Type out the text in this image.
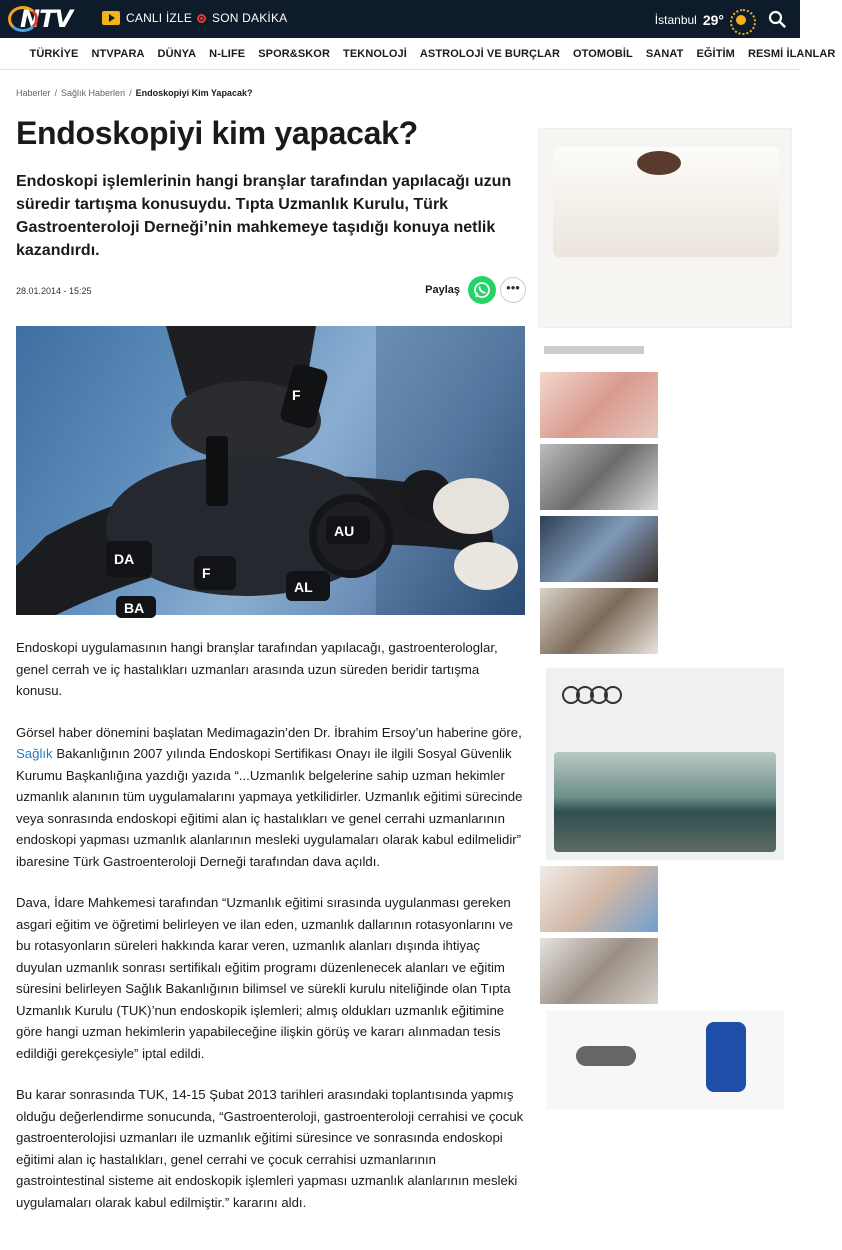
NTV	CANLI İZLE SON DAKİKA	İstanbul 29°
TÜRKİYE	NTVPARA	DÜNYA	N-LIFE	SPOR&SKOR	TEKNOLOJİ	ASTROLOJİ VE BURÇLAR	OTOMOBİL	SANAT	EĞİTİM	RESMİ İLANLAR
Haberler / Sağlık Haberleri / Endoskopiyi Kim Yapacak?
Endoskopiyi kim yapacak?
Endoskopi işlemlerinin hangi branşlar tarafından yapılacağı uzun süredir tartışma konusuydu. Tıpta Uzmanlık Kurulu, Türk Gastroenteroloji Derneği’nin mahkemeye taşıdığı konuya netlik kazandırdı.
28.01.2014 - 15:25	Paylaş	•••
F
DA
AU
F
AL
BA

Endoskopi uygulamasının hangi branşlar tarafından yapılacağı, gastroenterologlar, genel cerrah ve iç hastalıkları uzmanları arasında uzun süreden beridir tartışma konusu.

Görsel haber dönemini başlatan Medimagazin’den Dr. İbrahim Ersoy’un haberine göre, Sağlık Bakanlığının 2007 yılında Endoskopi Sertifikası Onayı ile ilgili Sosyal Güvenlik Kurumu Başkanlığına yazdığı yazıda “...Uzmanlık belgelerine sahip uzman hekimler uzmanlık alanının tüm uygulamalarını yapmaya yetkilidirler. Uzmanlık eğitimi sürecinde veya sonrasında endoskopi eğitimi alan iç hastalıkları ve genel cerrahi uzmanlarının endoskopi yapması uzmanlık alanlarının mesleki uygulamaları olarak kabul edilmelidir” ibaresine Türk Gastroenteroloji Derneği tarafından dava açıldı.

Dava, İdare Mahkemesi tarafından “Uzmanlık eğitimi sırasında uygulanması gereken asgari eğitim ve öğretimi belirleyen ve ilan eden, uzmanlık dallarının rotasyonlarını ve bu rotasyonların süreleri hakkında karar veren, uzmanlık alanları dışında ihtiyaç duyulan uzmanlık sonrası sertifikalı eğitim programı düzenlenecek alanları ve eğitim süresini belirleyen Sağlık Bakanlığının bilimsel ve sürekli kurulu niteliğinde olan Tıpta Uzmanlık Kurulu (TUK)’nun endoskopik işlemleri; almış oldukları uzmanlık eğitimine göre hangi uzman hekimlerin yapabileceğine ilişkin görüş ve kararı alınmadan tesis edildiği gerekçesiyle” iptal edildi.

Bu karar sonrasında TUK, 14-15 Şubat 2013 tarihleri arasındaki toplantısında yapmış olduğu değerlendirme sonucunda, “Gastroenteroloji, gastroenteroloji cerrahisi ve çocuk gastroenterolojisi uzmanları ile uzmanlık eğitimi süresince ve sonrasında endoskopi eğitimi alan iç hastalıkları, genel cerrahi ve çocuk cerrahisi uzmanlarının gastrointestinal sisteme ait endoskopik işlemleri yapması uzmanlık alanlarının mesleki uygulamaları olarak kabul edilmiştir.” kararını aldı.
